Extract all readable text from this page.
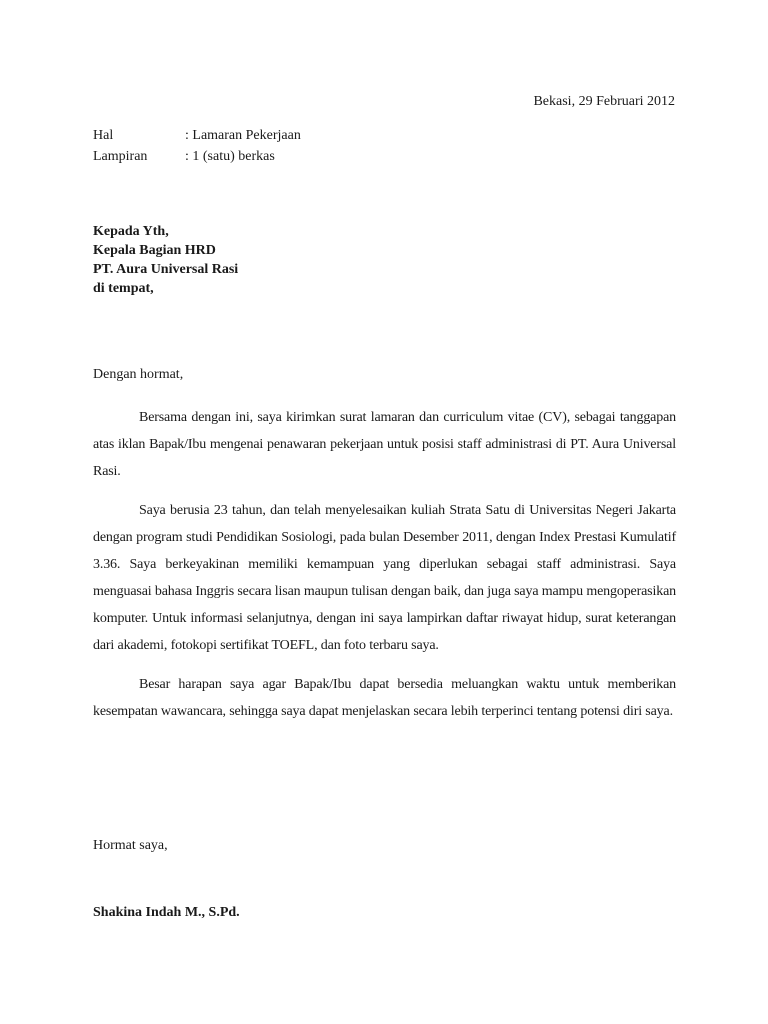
Bekasi, 29 Februari 2012
Hal	: Lamaran Pekerjaan
Lampiran	: 1 (satu) berkas
Kepada Yth,
Kepala Bagian HRD
PT. Aura Universal Rasi
di tempat,
Dengan hormat,

Bersama dengan ini, saya kirimkan surat lamaran dan curriculum vitae (CV), sebagai tanggapan atas iklan Bapak/Ibu mengenai penawaran pekerjaan untuk posisi staff administrasi di PT. Aura Universal Rasi.

Saya berusia 23 tahun, dan telah menyelesaikan kuliah Strata Satu di Universitas Negeri Jakarta dengan program studi Pendidikan Sosiologi, pada bulan Desember 2011, dengan Index Prestasi Kumulatif 3.36. Saya berkeyakinan memiliki kemampuan yang diperlukan sebagai staff administrasi. Saya menguasai bahasa Inggris secara lisan maupun tulisan dengan baik, dan juga saya mampu mengoperasikan komputer. Untuk informasi selanjutnya, dengan ini saya lampirkan daftar riwayat hidup, surat keterangan dari akademi, fotokopi sertifikat TOEFL, dan foto terbaru saya.

Besar harapan saya agar Bapak/Ibu dapat bersedia meluangkan waktu untuk memberikan kesempatan wawancara, sehingga saya dapat menjelaskan secara lebih terperinci tentang potensi diri saya.

Hormat saya,
Shakina Indah M., S.Pd.
